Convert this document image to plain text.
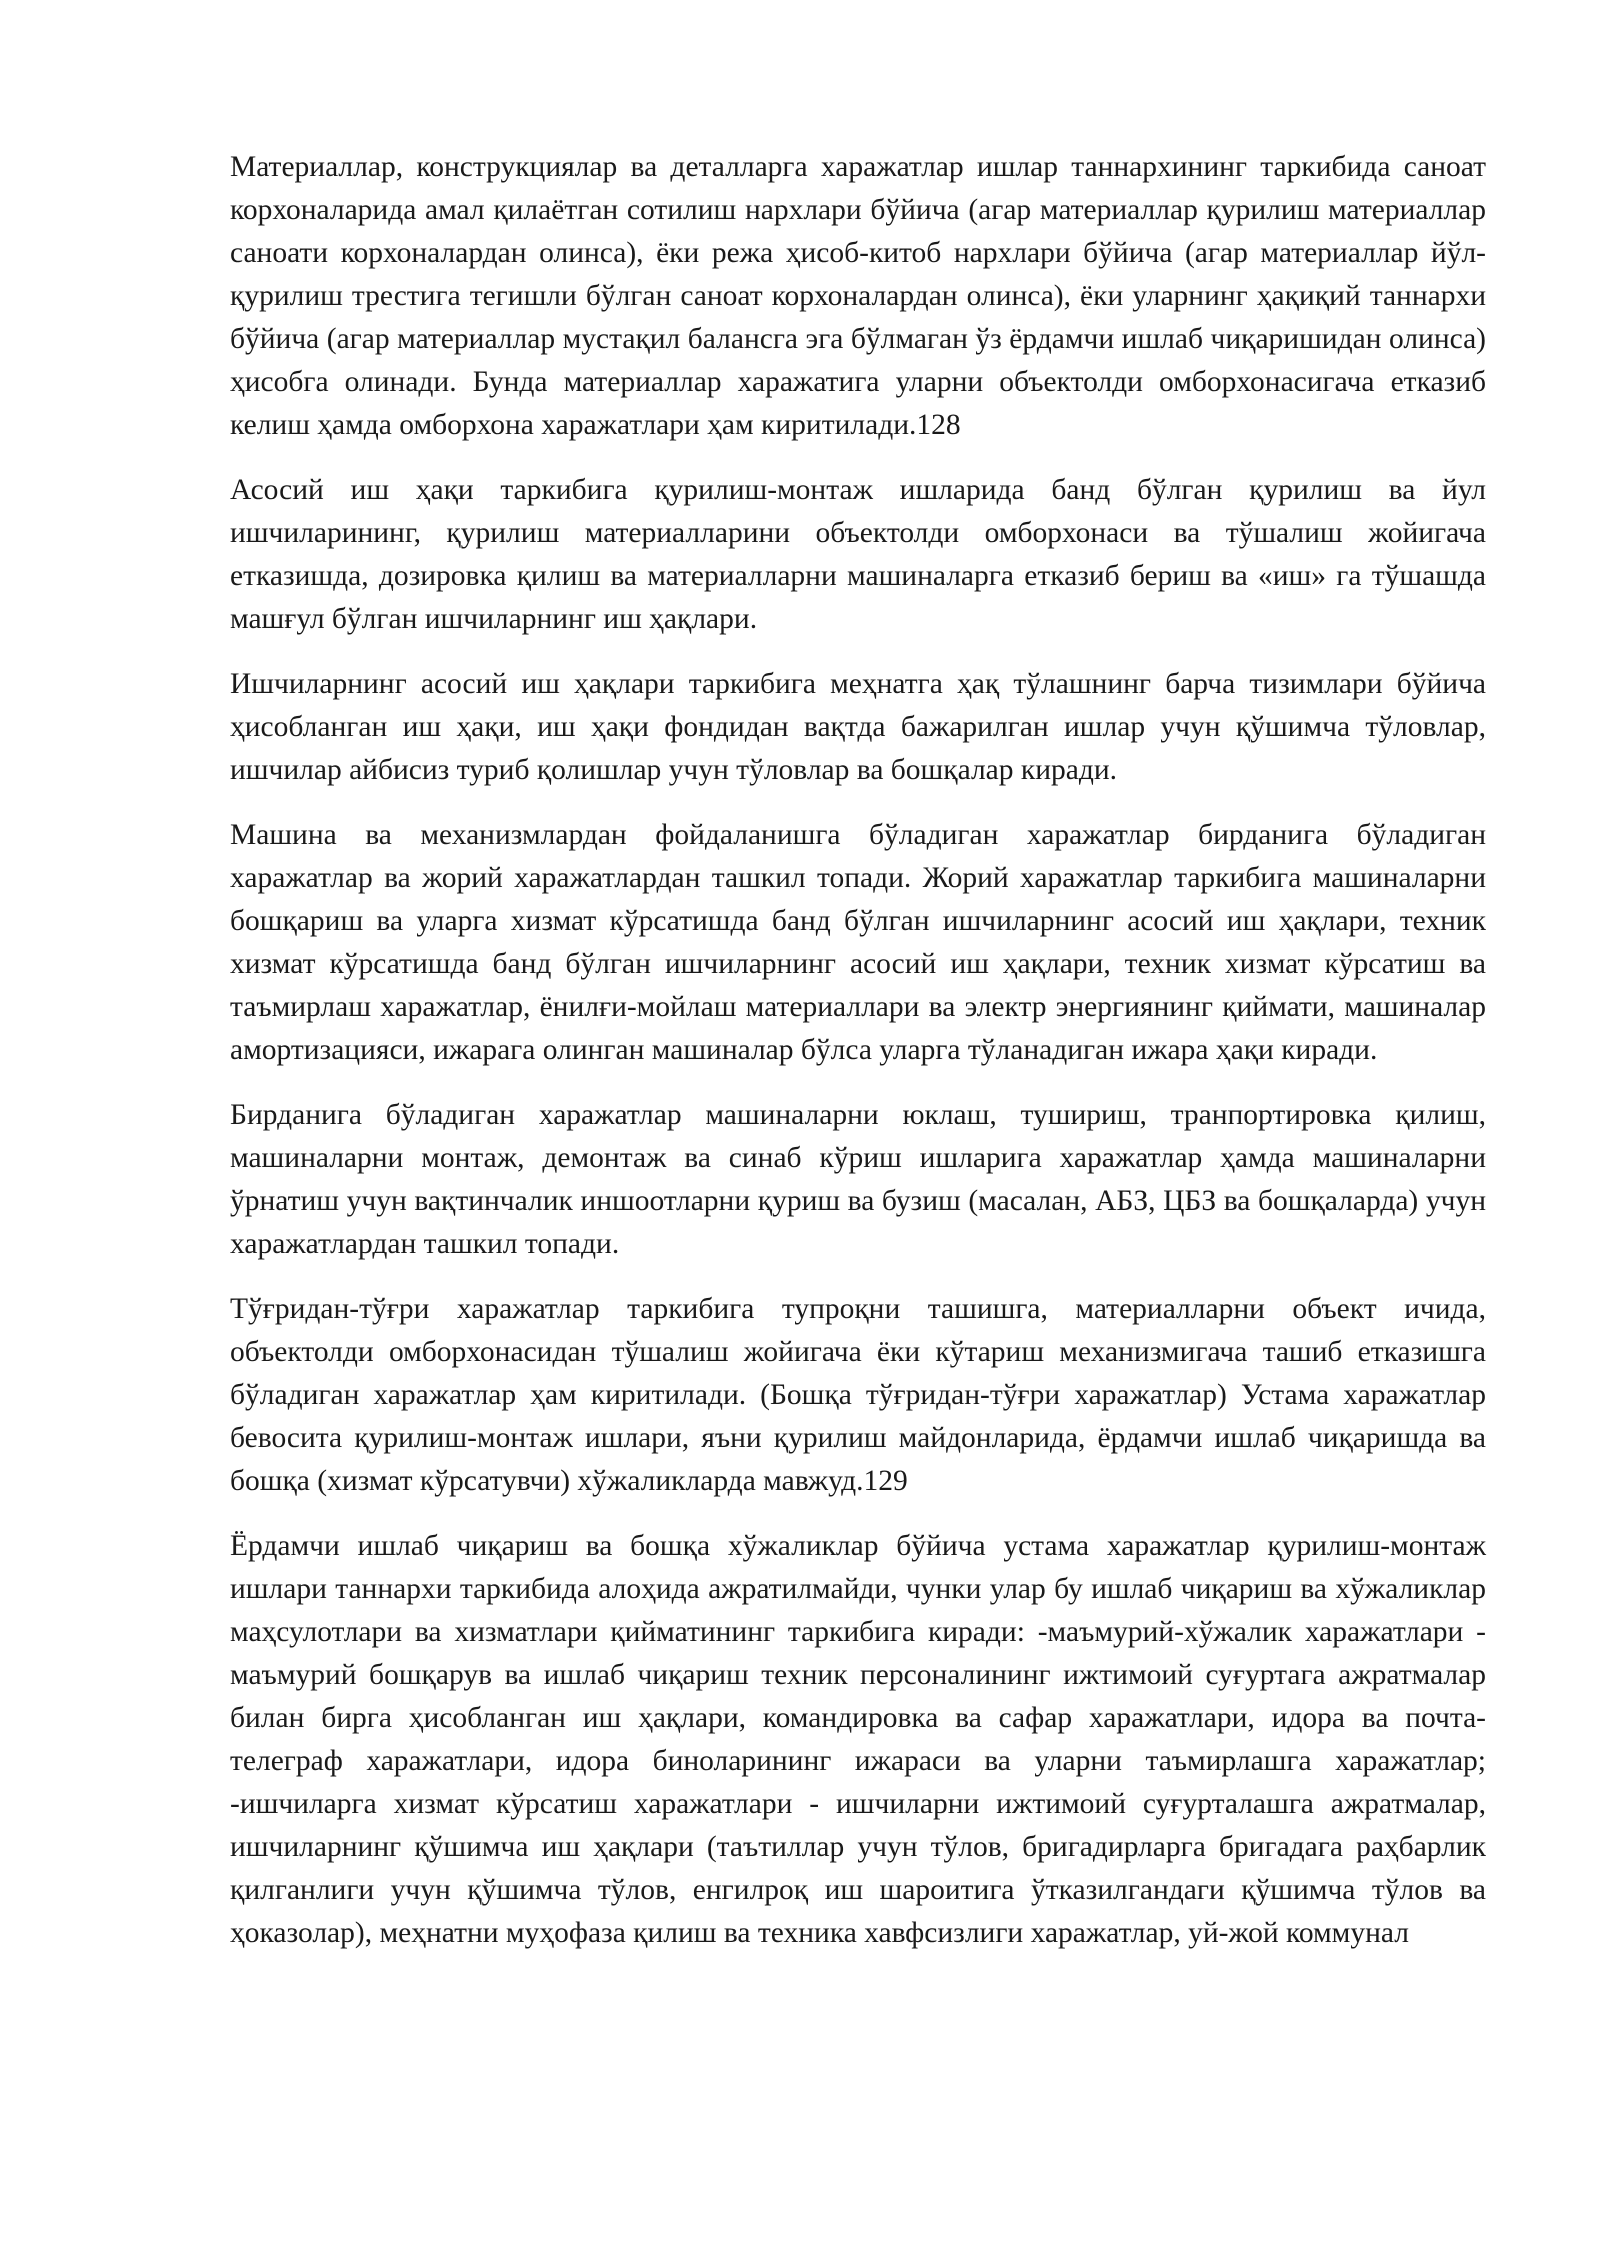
Материаллар, конструкциялар ва деталларга харажатлар ишлар таннархининг таркибида саноат корхоналарида амал қилаётган сотилиш нархлари бўйича (агар материаллар қурилиш материаллар саноати корхоналардан олинса), ёки режа ҳисоб-китоб нархлари бўйича (агар материаллар йўл-қурилиш трестига тегишли бўлган саноат корхоналардан олинса), ёки уларнинг ҳақиқий таннархи бўйича (агар материаллар мустақил балансга эга бўлмаган ўз ёрдамчи ишлаб чиқаришидан олинса) ҳисобга олинади. Бунда материаллар харажатига уларни объектолди омборхонасигача етказиб келиш ҳамда омборхона харажатлари ҳам киритилади.128

Асосий иш ҳақи таркибига қурилиш-монтаж ишларида банд бўлган қурилиш ва йул ишчиларининг, қурилиш материалларини объектолди омборхонаси ва тўшалиш жойигача етказишда, дозировка қилиш ва материалларни машиналарга етказиб бериш ва «иш» га тўшашда машғул бўлган ишчиларнинг иш ҳақлари.

Ишчиларнинг асосий иш ҳақлари таркибига меҳнатга ҳақ тўлашнинг барча тизимлари бўйича ҳисобланган иш ҳақи, иш ҳақи фондидан вақтда бажарилган ишлар учун қўшимча тўловлар, ишчилар айбисиз туриб қолишлар учун тўловлар ва бошқалар киради.

Машина ва механизмлардан фойдаланишга бўладиган харажатлар бирданига бўладиган харажатлар ва жорий харажатлардан ташкил топади. Жорий харажатлар таркибига машиналарни бошқариш ва уларга хизмат кўрсатишда банд бўлган ишчиларнинг асосий иш ҳақлари, техник хизмат кўрсатишда банд бўлган ишчиларнинг асосий иш ҳақлари, техник хизмат кўрсатиш ва таъмирлаш харажатлар, ёнилғи-мойлаш материаллари ва электр энергиянинг қиймати, машиналар амортизацияси, ижарага олинган машиналар бўлса уларга тўланадиган ижара ҳақи киради.

Бирданига бўладиган харажатлар машиналарни юклаш, тушириш, транпортировка қилиш, машиналарни монтаж, демонтаж ва синаб кўриш ишларига харажатлар ҳамда машиналарни ўрнатиш учун вақтинчалик иншоотларни қуриш ва бузиш (масалан, АБЗ, ЦБЗ ва бошқаларда) учун харажатлардан ташкил топади.

Тўғридан-тўғри харажатлар таркибига тупроқни ташишга, материалларни объект ичида, объектолди омборхонасидан тўшалиш жойигача ёки кўтариш механизмигача ташиб етказишга бўладиган харажатлар ҳам киритилади. (Бошқа тўғридан-тўғри харажатлар) Устама харажатлар бевосита қурилиш-монтаж ишлари, яъни қурилиш майдонларида, ёрдамчи ишлаб чиқаришда ва бошқа (хизмат кўрсатувчи) хўжаликларда мавжуд.129

Ёрдамчи ишлаб чиқариш ва бошқа хўжаликлар бўйича устама харажатлар қурилиш-монтаж ишлари таннархи таркибида алоҳида ажратилмайди, чунки улар бу ишлаб чиқариш ва хўжаликлар маҳсулотлари ва хизматлари қийматининг таркибига киради: -маъмурий-хўжалик харажатлари - маъмурий бошқарув ва ишлаб чиқариш техник персоналининг ижтимоий суғуртага ажратмалар билан бирга ҳисобланган иш ҳақлари, командировка ва сафар харажатлари, идора ва почта-телеграф харажатлари, идора биноларининг ижараси ва уларни таъмирлашга харажатлар; -ишчиларга хизмат кўрсатиш харажатлари - ишчиларни ижтимоий суғурталашга ажратмалар, ишчиларнинг қўшимча иш ҳақлари (таътиллар учун тўлов, бригадирларга бригадага раҳбарлик қилганлиги учун қўшимча тўлов, енгилроқ иш шароитига ўтказилгандаги қўшимча тўлов ва ҳоказолар), меҳнатни муҳофаза қилиш ва техника хавфсизлиги харажатлар, уй-жой коммунал
